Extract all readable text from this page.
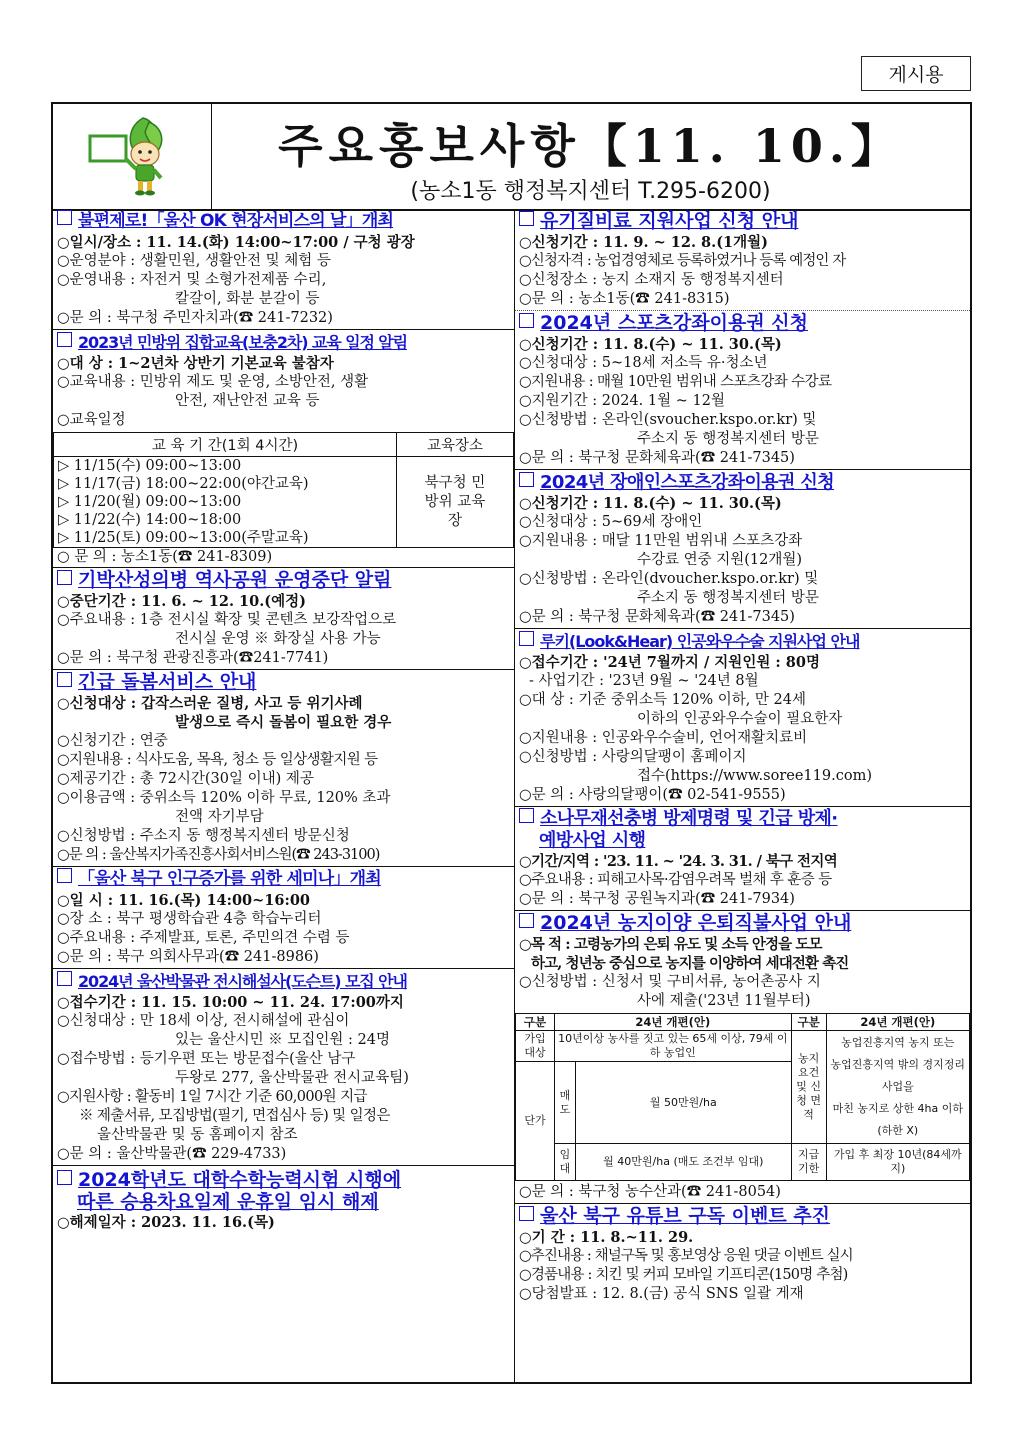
게시용
주요홍보사항【11. 10.】
(농소1동 행정복지센터 T.295-6200)
불편제로!「울산 OK 현장서비스의 날」개최
○일시/장소 : 11. 14.(화) 14:00~17:00 / 구청 광장
○운영분야 : 생활민원, 생활안전 및 체험 등
○운영내용 : 자전거 및 소형가전제품 수리,
칼갈이, 화분 분갈이 등
○문 의 : 북구청 주민자치과(☎ 241-7232)
2023년 민방위 집합교육(보충2차) 교육 일정 알림
○대 상 : 1~2년차 상반기 기본교육 불참자
○교육내용 : 민방위 제도 및 운영, 소방안전, 생활
안전, 재난안전 교육 등
○교육일정
교 육 기 간(1회 4시간)	교육장소

▷ 11/15(수) 09:00~13:00
▷ 11/17(금) 18:00~22:00(야간교육)
▷ 11/20(월) 09:00~13:00
▷ 11/22(수) 14:00~18:00
▷ 11/25(토) 09:00~13:00(주말교육)	북구청 민방위 교육장
○ 문 의 : 농소1동(☎ 241-8309)
기박산성의병 역사공원 운영중단 알림
○중단기간 : 11. 6. ~ 12. 10.(예정)
○주요내용 : 1층 전시실 확장 및 콘텐츠 보강작업으로
전시실 운영 ※ 화장실 사용 가능
○문 의 : 북구청 관광진흥과(☎241-7741)
긴급 돌봄서비스 안내
○신청대상 : 갑작스러운 질병, 사고 등 위기사례
발생으로 즉시 돌봄이 필요한 경우
○신청기간 : 연중
○지원내용 : 식사도움, 목욕, 청소 등 일상생활지원 등
○제공기간 : 총 72시간(30일 이내) 제공
○이용금액 : 중위소득 120% 이하 무료, 120% 초과
전액 자기부담
○신청방법 : 주소지 동 행정복지센터 방문신청
○문 의 : 울산복지가족진흥사회서비스원(☎ 243-3100)
「울산 북구 인구증가를 위한 세미나」개최
○일 시 : 11. 16.(목) 14:00~16:00
○장 소 : 북구 평생학습관 4층 학습누리터
○주요내용 : 주제발표, 토론, 주민의견 수렴 등
○문 의 : 북구 의회사무과(☎ 241-8986)
2024년 울산박물관 전시해설사(도슨트) 모집 안내
○접수기간 : 11. 15. 10:00 ~ 11. 24. 17:00까지
○신청대상 : 만 18세 이상, 전시해설에 관심이
있는 울산시민 ※ 모집인원 : 24명
○접수방법 : 등기우편 또는 방문접수(울산 남구
두왕로 277, 울산박물관 전시교육팀)
○지원사항 : 활동비 1일 7시간 기준 60,000원 지급
※ 제출서류, 모집방법(필기, 면접심사 등) 및 일정은
울산박물관 및 동 홈페이지 참조
○문 의 : 울산박물관(☎ 229-4733)
2024학년도 대학수학능력시험 시행에
따른 승용차요일제 운휴일 임시 해제
○해제일자 : 2023. 11. 16.(목)
유기질비료 지원사업 신청 안내
○신청기간 : 11. 9. ~ 12. 8.(1개월)
○신청자격 : 농업경영체로 등록하였거나 등록 예정인 자
○신청장소 : 농지 소재지 동 행정복지센터
○문 의 : 농소1동(☎ 241-8315)
2024년 스포츠강좌이용권 신청
○신청기간 : 11. 8.(수) ~ 11. 30.(목)
○신청대상 : 5~18세 저소득 유·청소년
○지원내용 : 매월 10만원 범위내 스포츠강좌 수강료
○지원기간 : 2024. 1월 ~ 12월
○신청방법 : 온라인(svoucher.kspo.or.kr) 및
주소지 동 행정복지센터 방문
○문 의 : 북구청 문화체육과(☎ 241-7345)
2024년 장애인스포츠강좌이용권 신청
○신청기간 : 11. 8.(수) ~ 11. 30.(목)
○신청대상 : 5~69세 장애인
○지원내용 : 매달 11만원 범위내 스포츠강좌
수강료 연중 지원(12개월)
○신청방법 : 온라인(dvoucher.kspo.or.kr) 및
주소지 동 행정복지센터 방문
○문 의 : 북구청 문화체육과(☎ 241-7345)
루키(Look&Hear) 인공와우수술 지원사업 안내
○접수기간 : '24년 7월까지 / 지원인원 : 80명
- 사업기간 : '23년 9월 ~ '24년 8월
○대 상 : 기준 중위소득 120% 이하, 만 24세
이하의 인공와우수술이 필요한자
○지원내용 : 인공와우수술비, 언어재활치료비
○신청방법 : 사랑의달팽이 홈페이지
접수(https://www.soree119.com)
○문 의 : 사랑의달팽이(☎ 02-541-9555)
소나무재선충병 방제명령 및 긴급 방제·
예방사업 시행
○기간/지역 : '23. 11. ~ '24. 3. 31. / 북구 전지역
○주요내용 : 피해고사목·감염우려목 벌채 후 훈증 등
○문 의 : 북구청 공원녹지과(☎ 241-7934)
2024년 농지이양 은퇴직불사업 안내
○목 적 : 고령농가의 은퇴 유도 및 소득 안정을 도모
하고, 청년농 중심으로 농지를 이양하여 세대전환 촉진
○신청방법 : 신청서 및 구비서류, 농어촌공사 지
사에 제출('23년 11월부터)
구분	24년 개편(안)		구분	24년 개편(안)
가입 대상	10년이상 농사를 짓고 있는 65세 이상, 79세 이하 농업인		농지 요건 및 신청 면적	농업진흥지역 농지 또는
농업진흥지역 밖의 경지정리사업을
마친 농지로 상한 4ha 이하
(하한 X)

단가	매도	월 50만원/ha		
	임대	월 40만원/ha (매도 조건부 임대)	지급 기한	가입 후 최장 10년(84세까지)
○문 의 : 북구청 농수산과(☎ 241-8054)
울산 북구 유튜브 구독 이벤트 추진
○기 간 : 11. 8.~11. 29.
○추진내용 : 채널구독 및 홍보영상 응원 댓글 이벤트 실시
○경품내용 : 치킨 및 커피 모바일 기프티콘(150명 추첨)
○당첨발표 : 12. 8.(금) 공식 SNS 일괄 게재
